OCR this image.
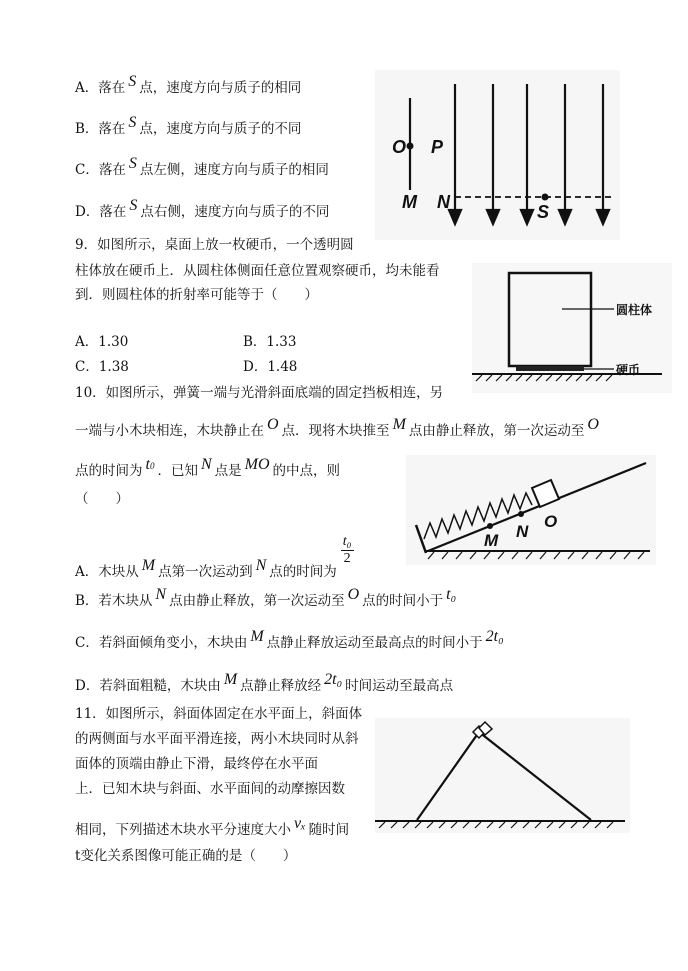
A．落在 S 点，速度方向与质子的相同
B．落在 S 点，速度方向与质子的不同
C．落在 S 点左侧，速度方向与质子的相同
D．落在 S 点右侧，速度方向与质子的不同
O P
M N	S
9．如图所示，桌面上放一枚硬币，一个透明圆
柱体放在硬币上．从圆柱体侧面任意位置观察硬币，均未能看
到．则圆柱体的折射率可能等于（　　）
A．1.30	B．1.33
C．1.38	D．1.48
圆柱体
硬币
10．如图所示，弹簧一端与光滑斜面底端的固定挡板相连，另
一端与小木块相连，木块静止在 O 点．现将木块推至 M 点由静止释放，第一次运动至 O
点的时间为 t0 ．已知 N 点是 MO 的中点，则
（　　）
A．木块从 M 点第一次运动到 N 点的时间为
$\frac{\text{t₀}}{2}$
B．若木块从 N 点由静止释放，第一次运动至 O 点的时间小于 t₀
C．若斜面倾角变小，木块由 M 点静止释放运动至最高点的时间小于 2t₀
D．若斜面粗糙，木块由 M 点静止释放经 2t₀ 时间运动至最高点
M N
O
11．如图所示，斜面体固定在水平面上，斜面体
的两侧面与水平面平滑连接，两小木块同时从斜
面体的顶端由静止下滑，最终停在水平面
上．已知木块与斜面、水平面间的动摩擦因数
相同，下列描述木块水平分速度大小 vₓ 随时间
t变化关系图像可能正确的是（　　）
